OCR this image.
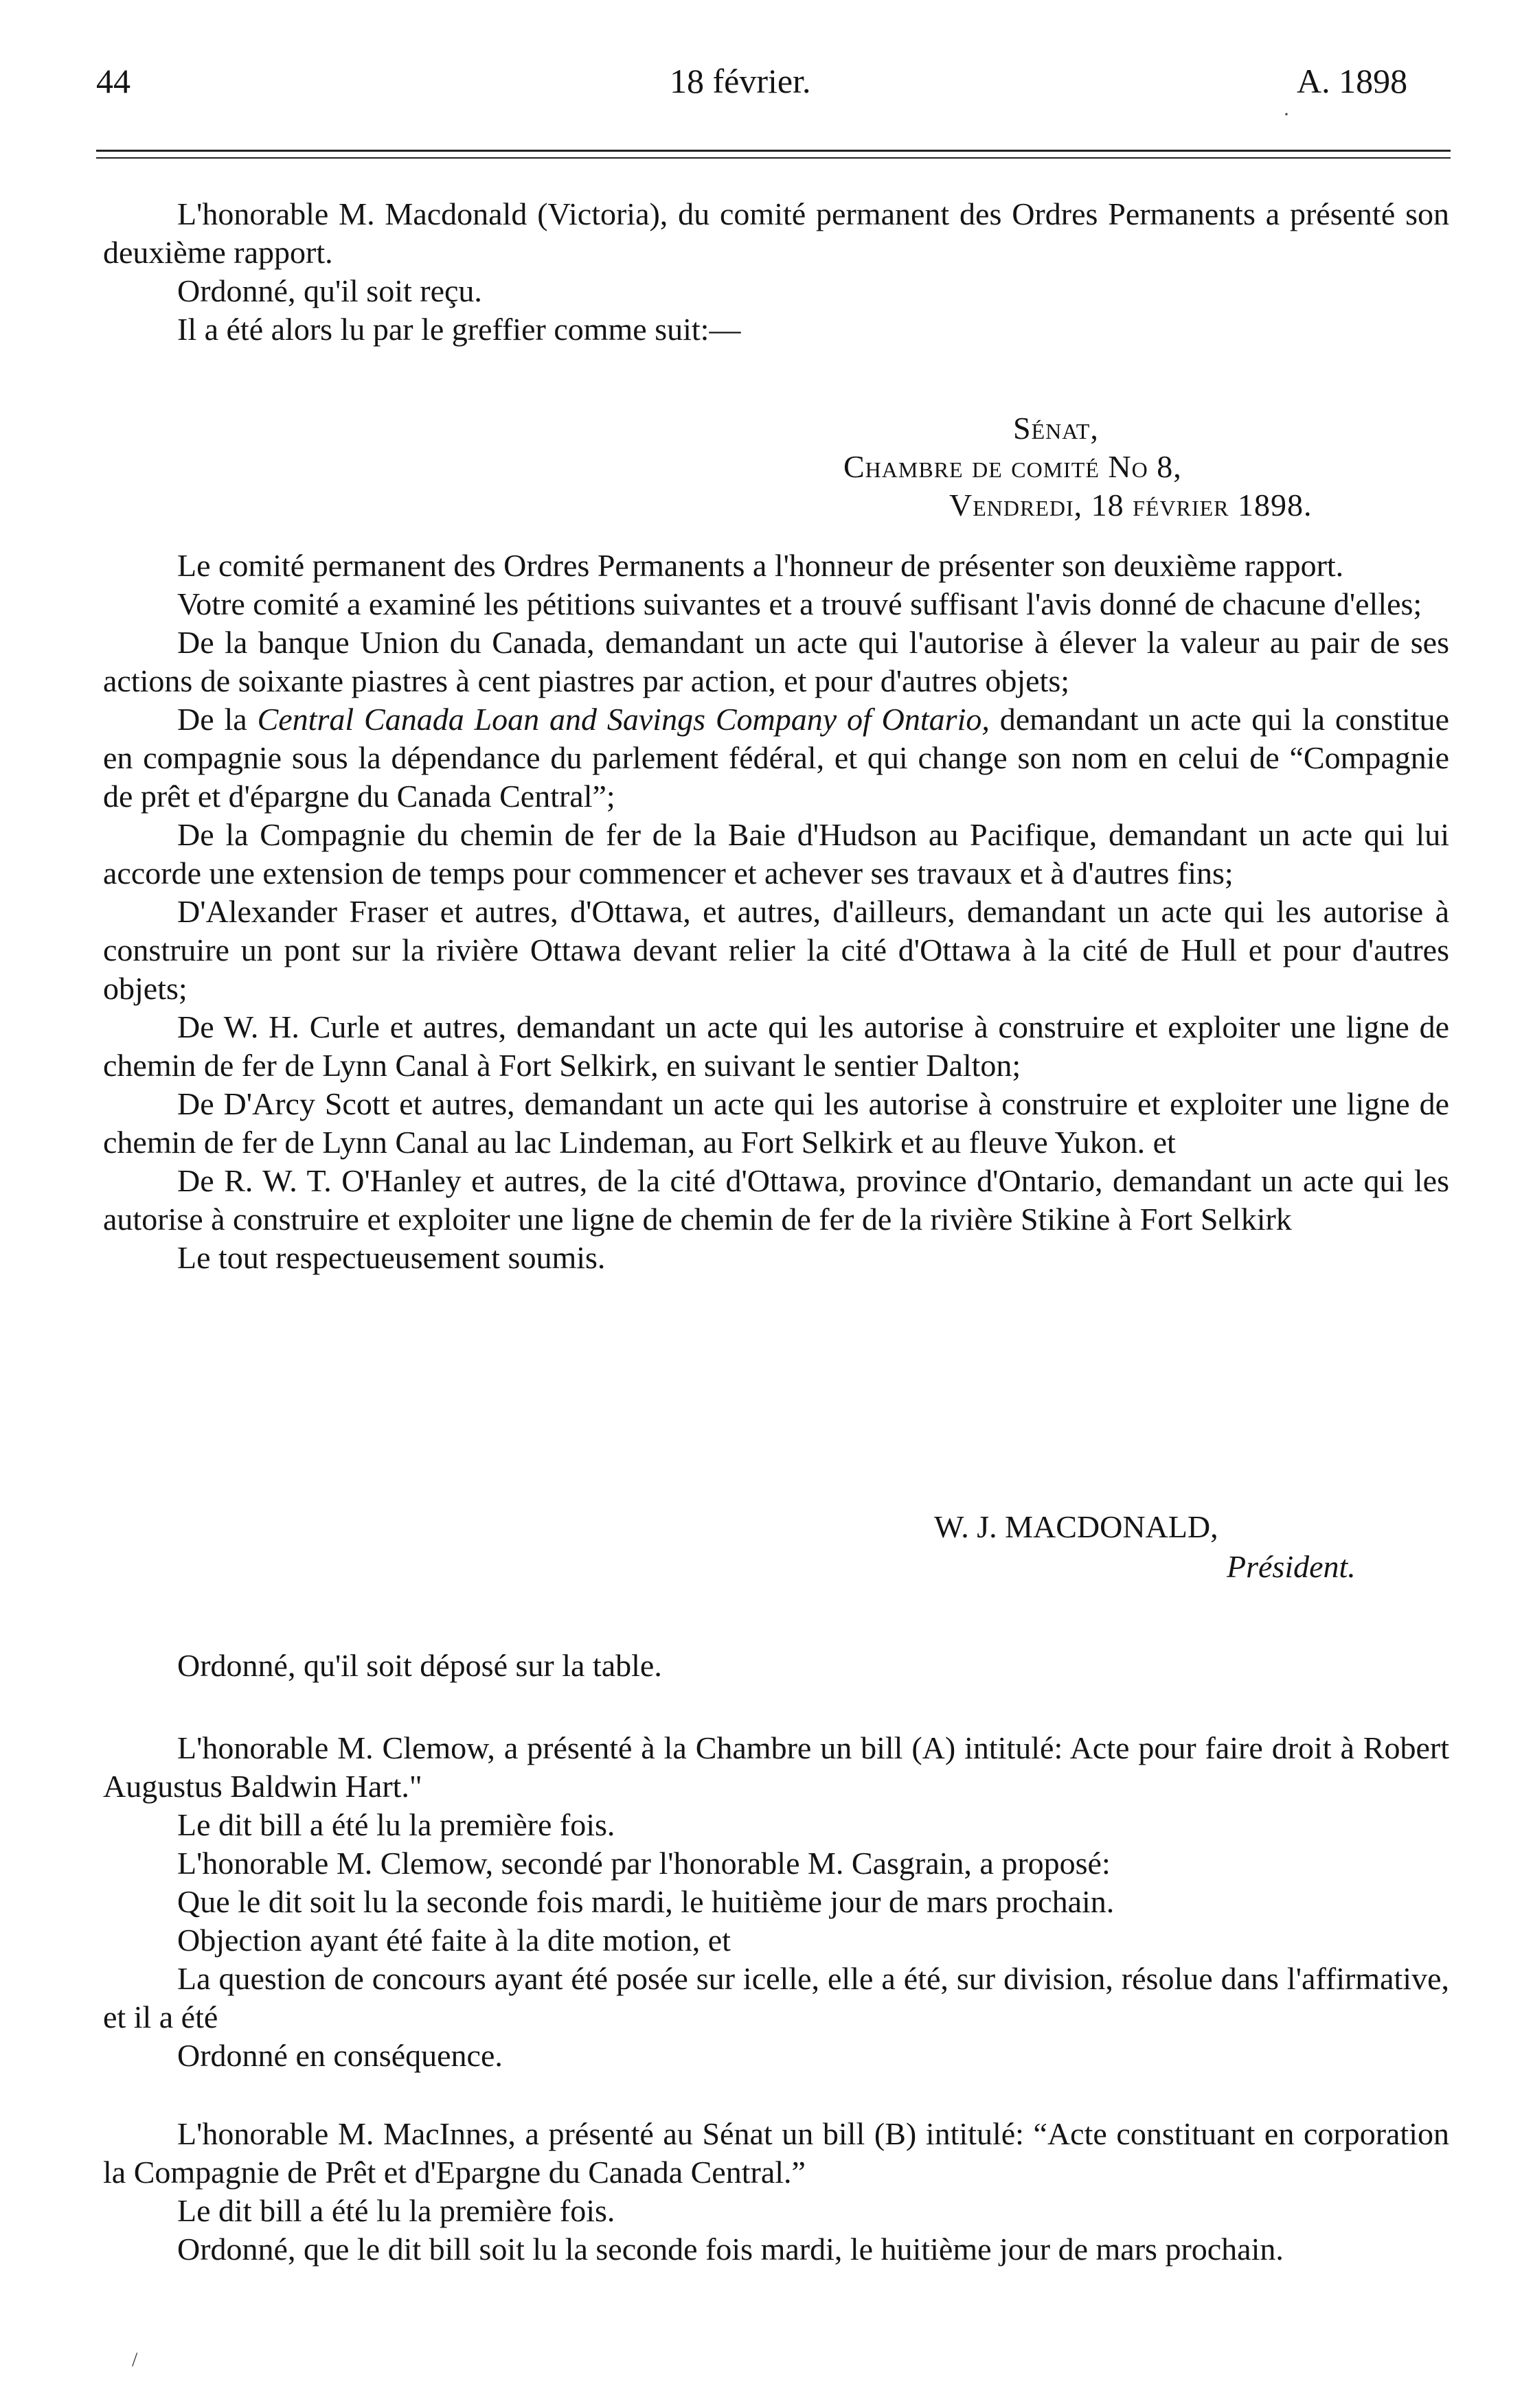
44	18 février.	A. 1898
·

L'honorable M. Macdonald (Victoria), du comité permanent des Ordres Permanents a présenté son deuxième rapport.

Ordonné, qu'il soit reçu.

Il a été alors lu par le greffier comme suit:—

Sénat,
Chambre de comité No 8,
Vendredi, 18 février 1898.

Le comité permanent des Ordres Permanents a l'honneur de présenter son deuxième rapport.

Votre comité a examiné les pétitions suivantes et a trouvé suffisant l'avis donné de chacune d'elles;

De la banque Union du Canada, demandant un acte qui l'autorise à élever la valeur au pair de ses actions de soixante piastres à cent piastres par action, et pour d'autres objets;

De la Central Canada Loan and Savings Company of Ontario, demandant un acte qui la constitue en compagnie sous la dépendance du parlement fédéral, et qui change son nom en celui de “Compagnie de prêt et d'épargne du Canada Central”;

De la Compagnie du chemin de fer de la Baie d'Hudson au Pacifique, demandant un acte qui lui accorde une extension de temps pour commencer et achever ses travaux et à d'autres fins;

D'Alexander Fraser et autres, d'Ottawa, et autres, d'ailleurs, demandant un acte qui les autorise à construire un pont sur la rivière Ottawa devant relier la cité d'Ottawa à la cité de Hull et pour d'autres objets;

De W. H. Curle et autres, demandant un acte qui les autorise à construire et exploiter une ligne de chemin de fer de Lynn Canal à Fort Selkirk, en suivant le sentier Dalton;

De D'Arcy Scott et autres, demandant un acte qui les autorise à construire et exploiter une ligne de chemin de fer de Lynn Canal au lac Lindeman, au Fort Selkirk et au fleuve Yukon. et

De R. W. T. O'Hanley et autres, de la cité d'Ottawa, province d'Ontario, demandant un acte qui les autorise à construire et exploiter une ligne de chemin de fer de la rivière Stikine à Fort Selkirk

Le tout respectueusement soumis.

W. J. MACDONALD,
Président.

Ordonné, qu'il soit déposé sur la table.

L'honorable M. Clemow, a présenté à la Chambre un bill (A) intitulé: Acte pour faire droit à Robert Augustus Baldwin Hart."

Le dit bill a été lu la première fois.

L'honorable M. Clemow, secondé par l'honorable M. Casgrain, a proposé:

Que le dit soit lu la seconde fois mardi, le huitième jour de mars prochain.

Objection ayant été faite à la dite motion, et

La question de concours ayant été posée sur icelle, elle a été, sur division, résolue dans l'affirmative, et il a été

Ordonné en conséquence.

L'honorable M. MacInnes, a présenté au Sénat un bill (B) intitulé: “Acte constituant en corporation la Compagnie de Prêt et d'Epargne du Canada Central.”

Le dit bill a été lu la première fois.

Ordonné, que le dit bill soit lu la seconde fois mardi, le huitième jour de mars prochain.

/
